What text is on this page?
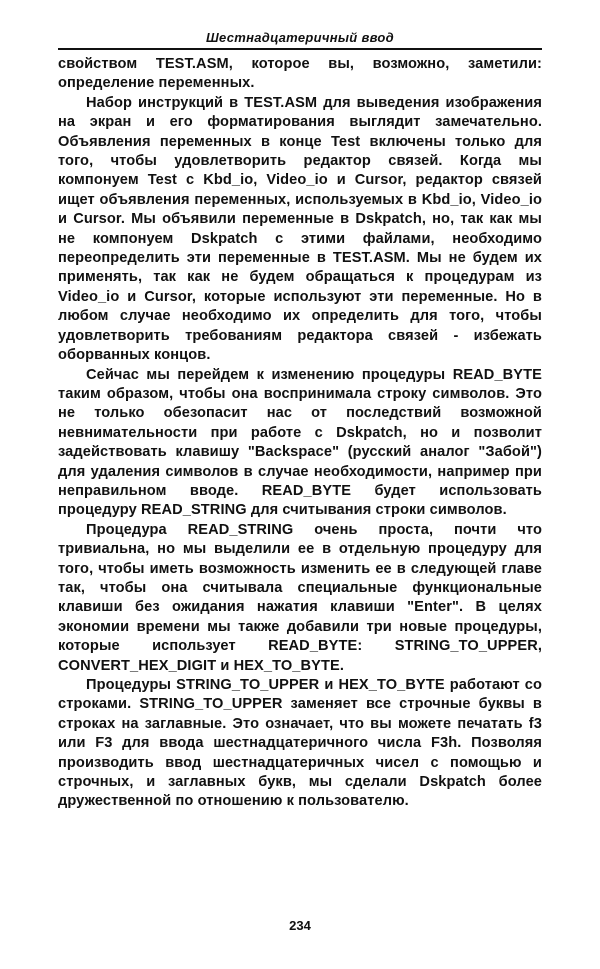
Шестнадцатеричный ввод

свойством TEST.ASM, которое вы, возможно, заметили: определение переменных.

Набор инструкций в TEST.ASM для выведения изображения на экран и его форматирования выглядит замечательно. Объявления переменных в конце Test включены только для того, чтобы удовлетворить редактор связей. Когда мы компонуем Test с Kbd_io, Video_io и Cursor, редактор связей ищет объявления переменных, используемых в Kbd_io, Video_io и Cursor. Мы объявили переменные в Dskpatch, но, так как мы не компонуем Dskpatch с этими файлами, необходимо переопределить эти переменные в TEST.ASM. Мы не будем их применять, так как не будем обращаться к процедурам из Video_io и Cursor, которые используют эти переменные. Но в любом случае необходимо их определить для того, чтобы удовлетворить требованиям редактора связей - избежать оборванных концов.

Сейчас мы перейдем к изменению процедуры READ_BYTE таким образом, чтобы она воспринимала строку символов. Это не только обезопасит нас от последствий возможной невнимательности при работе с Dskpatch, но и позволит задействовать клавишу "Backspace" (русский аналог "Забой") для удаления символов в случае необходимости, например при неправильном вводе. READ_BYTE будет использовать процедуру READ_STRING для считывания строки символов.

Процедура READ_STRING очень проста, почти что тривиальна, но мы выделили ее в отдельную процедуру для того, чтобы иметь возможность изменить ее в следующей главе так, чтобы она считывала специальные функциональные клавиши без ожидания нажатия клавиши "Enter". В целях экономии времени мы также добавили три новые процедуры, которые использует READ_BYTE: STRING_TO_UPPER, CONVERT_HEX_DIGIT и HEX_TO_BYTE.

Процедуры STRING_TO_UPPER и HEX_TO_BYTE работают со строками. STRING_TO_UPPER заменяет все строчные буквы в строках на заглавные. Это означает, что вы можете печатать f3 или F3 для ввода шестнадцатеричного числа F3h. Позволяя производить ввод шестнадцатеричных чисел с помощью и строчных, и заглавных букв, мы сделали Dskpatch более дружественной по отношению к пользователю.

234
